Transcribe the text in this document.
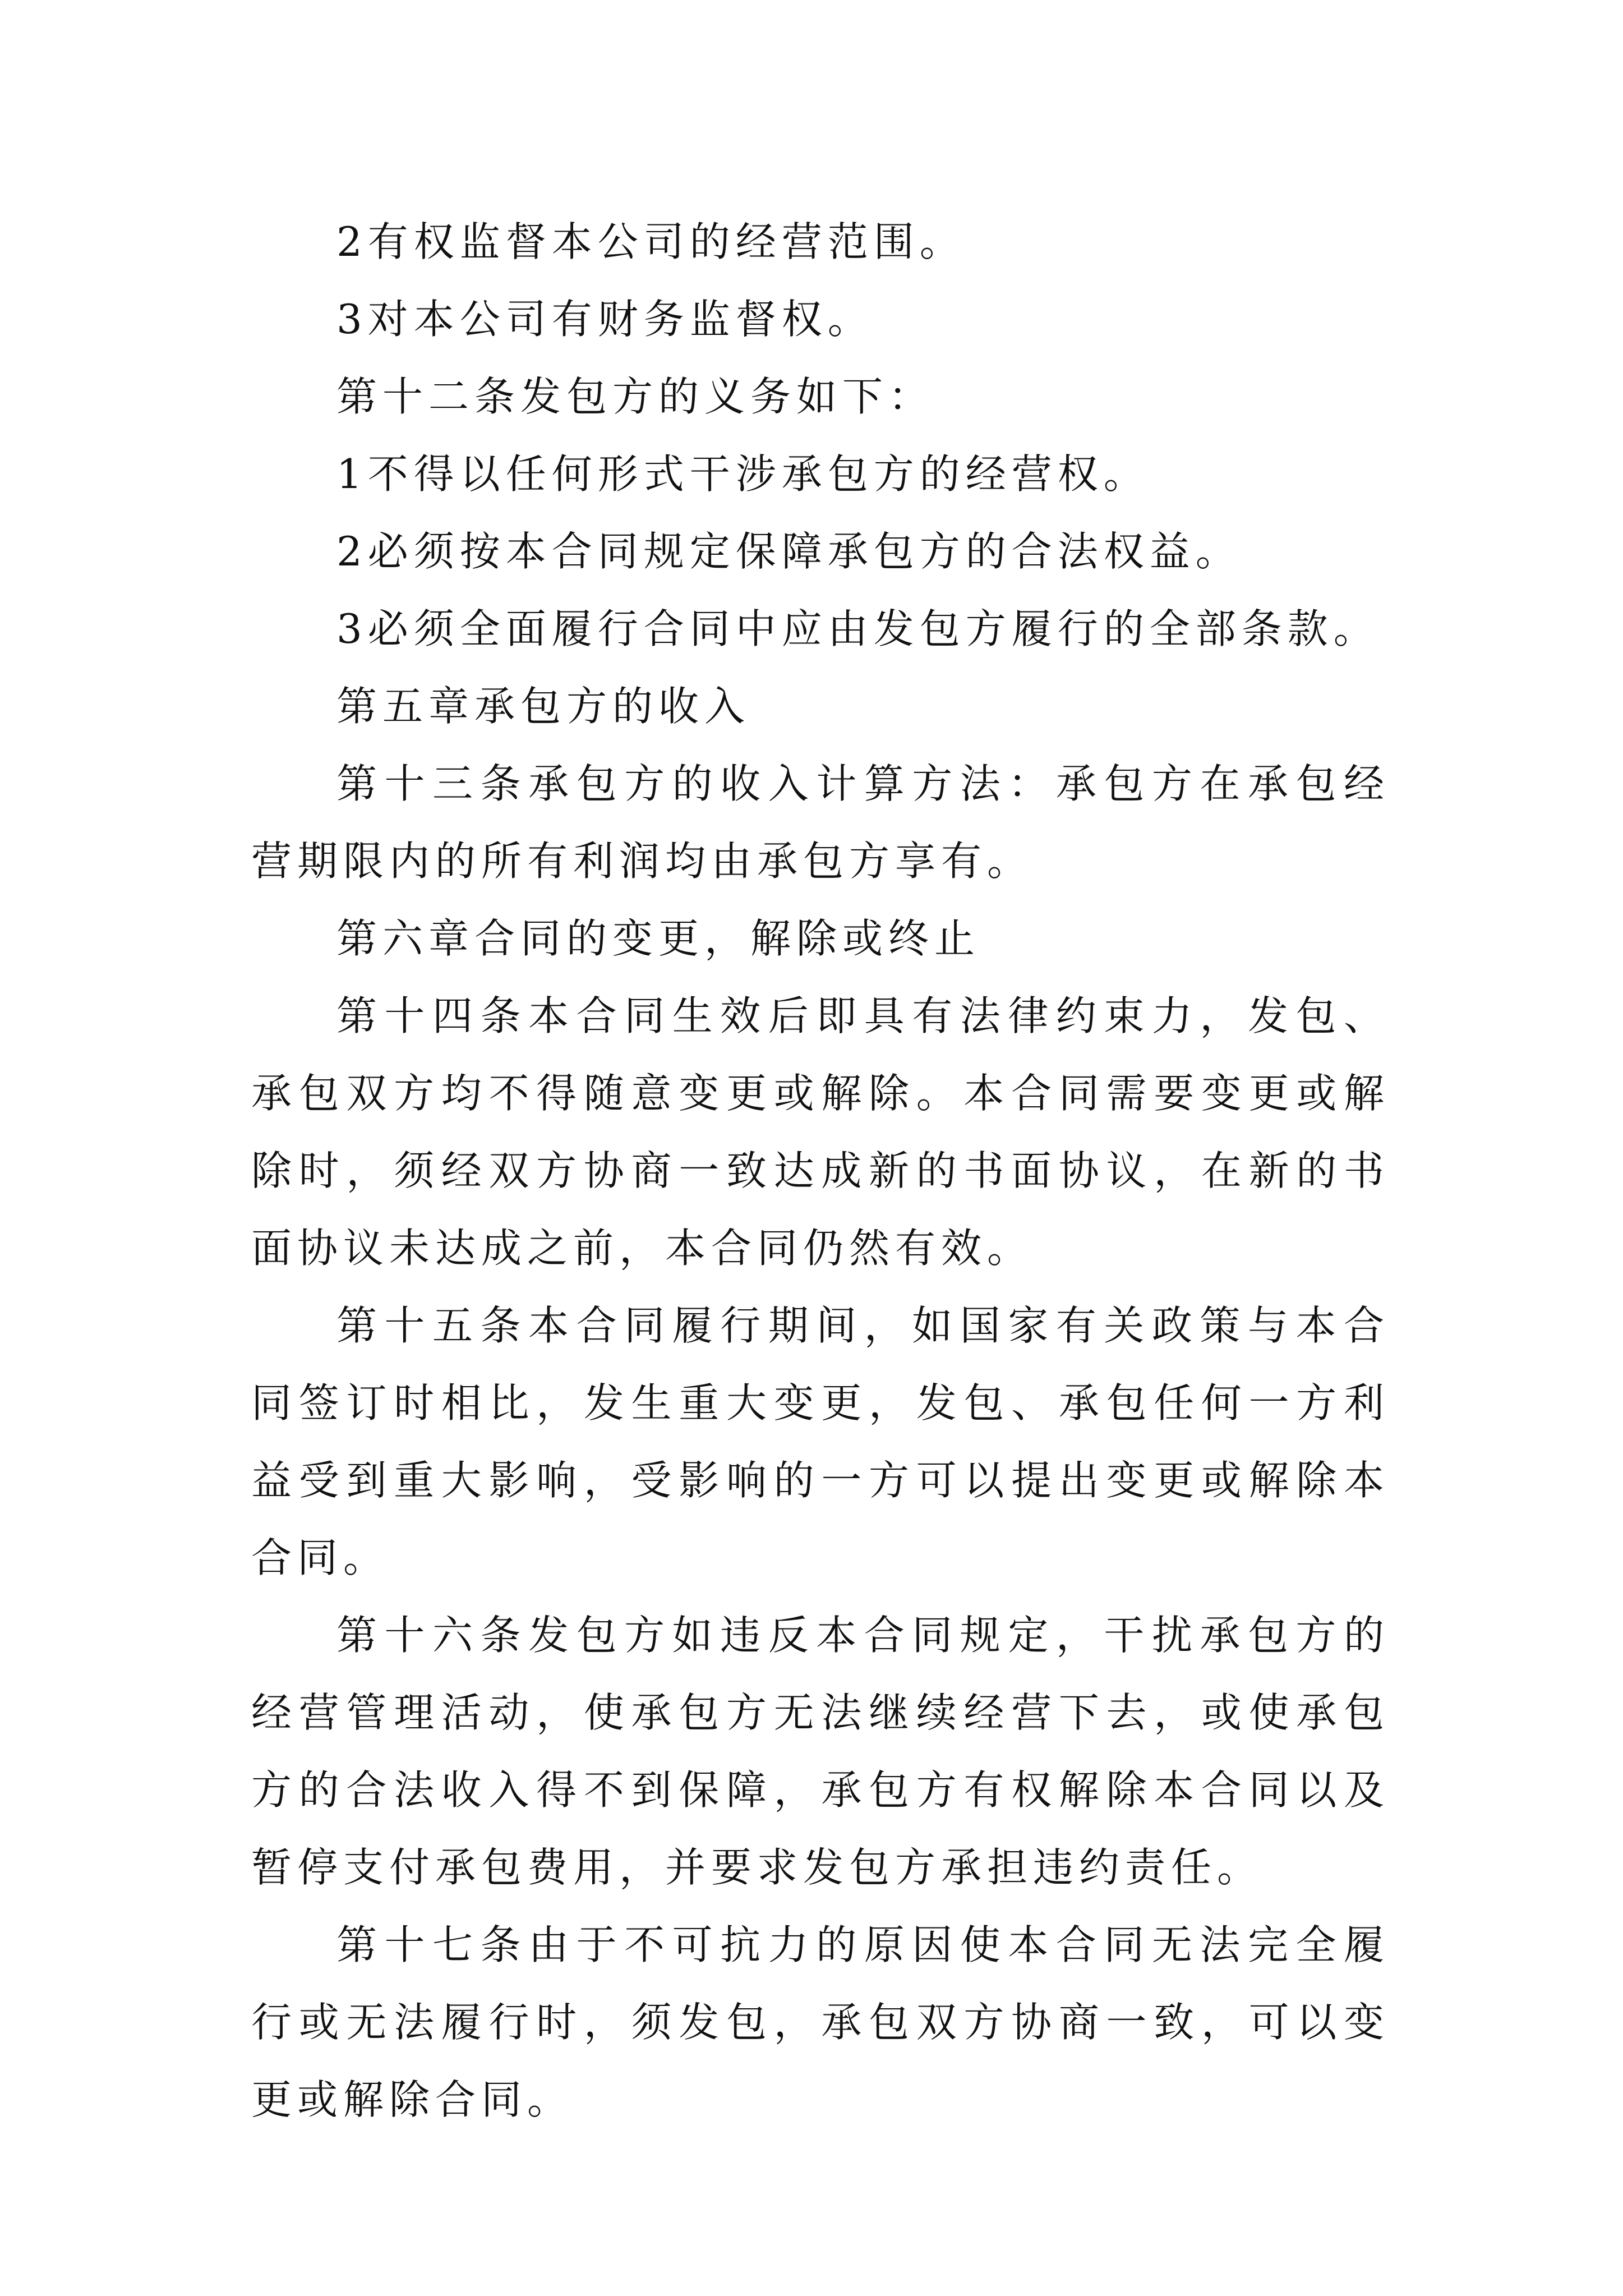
2有权监督本公司的经营范围。

3对本公司有财务监督权。

第十二条发包方的义务如下：

1不得以任何形式干涉承包方的经营权。

2必须按本合同规定保障承包方的合法权益。

3必须全面履行合同中应由发包方履行的全部条款。

第五章承包方的收入

第十三条承包方的收入计算方法：承包方在承包经营期限内的所有利润均由承包方享有。

第六章合同的变更，解除或终止

第十四条本合同生效后即具有法律约束力，发包、承包双方均不得随意变更或解除。本合同需要变更或解除时，须经双方协商一致达成新的书面协议，在新的书面协议未达成之前，本合同仍然有效。

第十五条本合同履行期间，如国家有关政策与本合同签订时相比，发生重大变更，发包、承包任何一方利益受到重大影响，受影响的一方可以提出变更或解除本合同。

第十六条发包方如违反本合同规定，干扰承包方的经营管理活动，使承包方无法继续经营下去，或使承包方的合法收入得不到保障，承包方有权解除本合同以及暂停支付承包费用，并要求发包方承担违约责任。

第十七条由于不可抗力的原因使本合同无法完全履行或无法履行时，须发包，承包双方协商一致，可以变更或解除合同。
